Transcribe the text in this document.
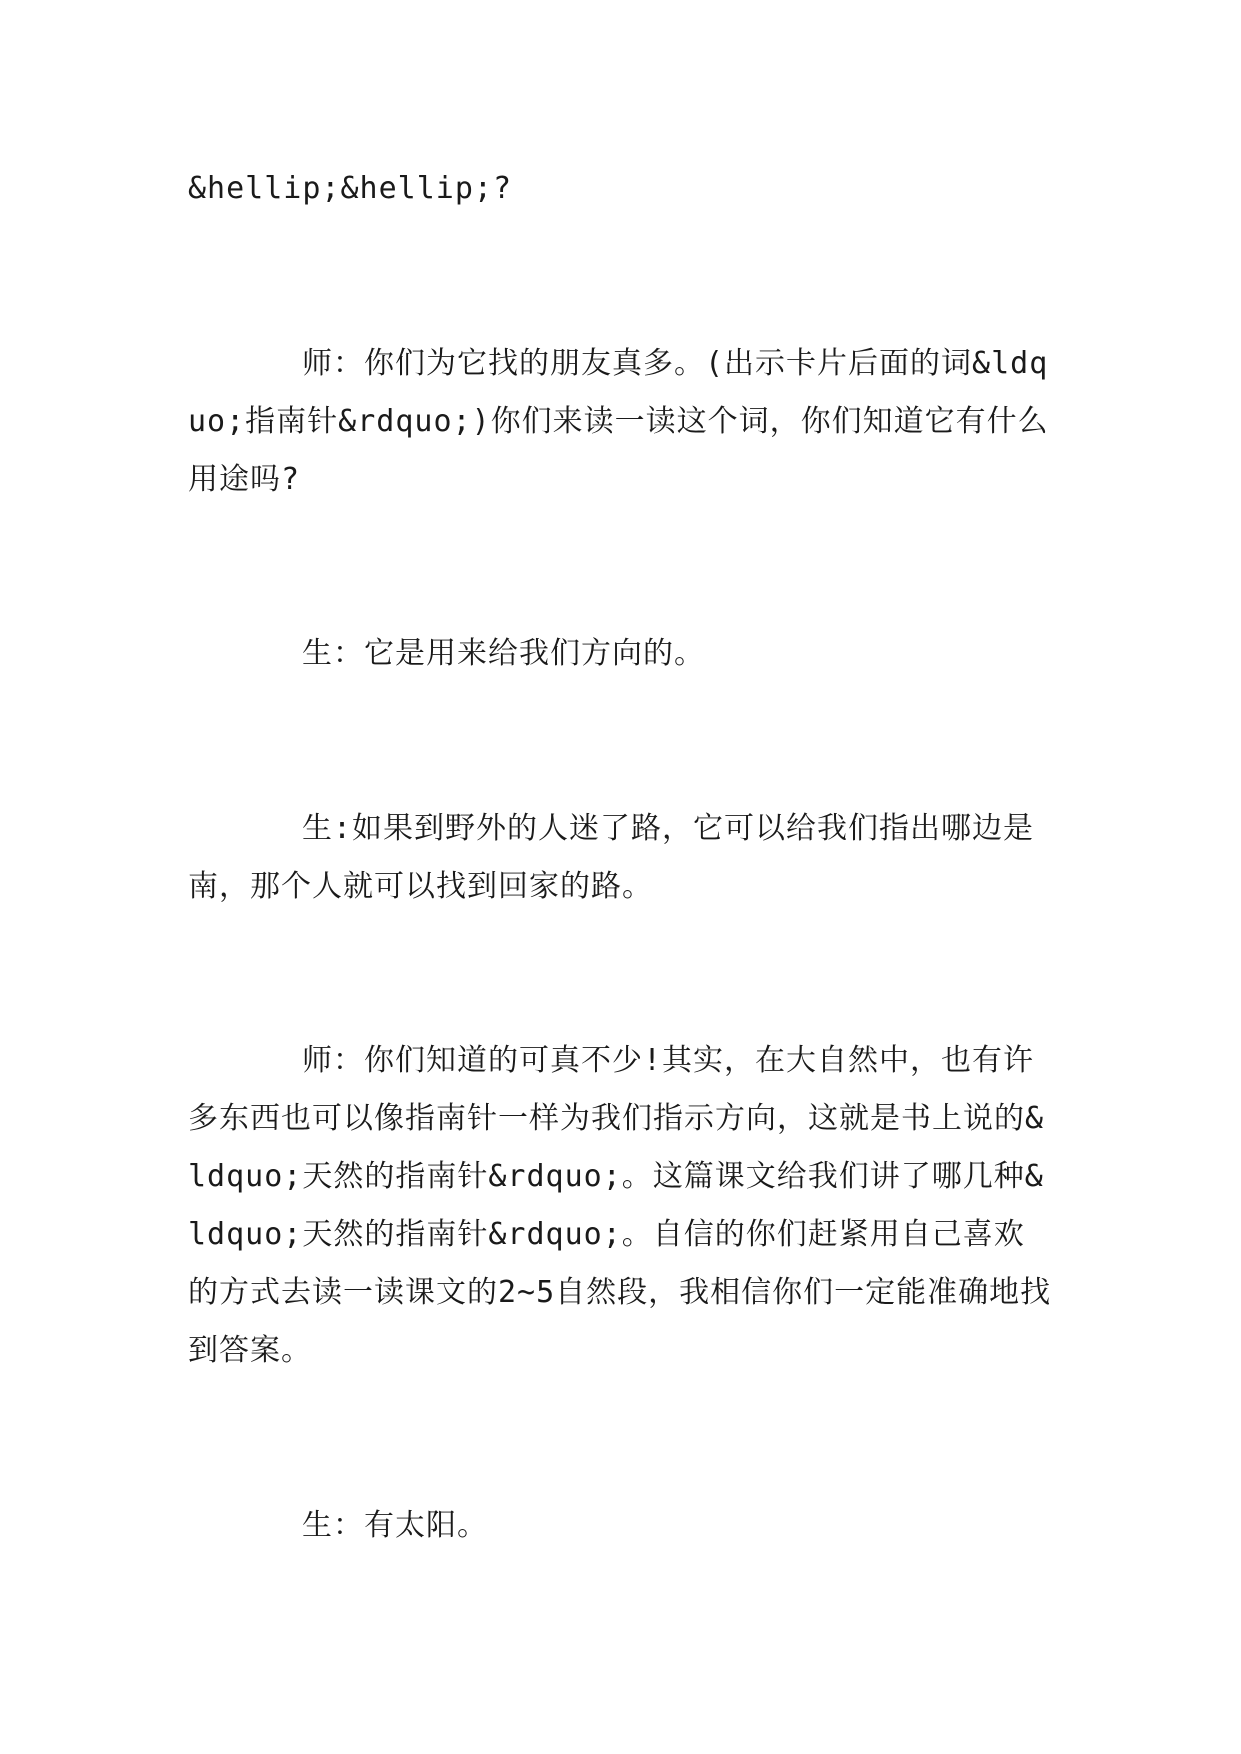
&hellip;&hellip;?

师：你们为它找的朋友真多。(出示卡片后面的词&ldquo;指南针&rdquo;)你们来读一读这个词，你们知道它有什么用途吗?

生：它是用来给我们方向的。

生:如果到野外的人迷了路，它可以给我们指出哪边是南，那个人就可以找到回家的路。

师：你们知道的可真不少!其实，在大自然中，也有许多东西也可以像指南针一样为我们指示方向，这就是书上说的&ldquo;天然的指南针&rdquo;。这篇课文给我们讲了哪几种&ldquo;天然的指南针&rdquo;。自信的你们赶紧用自己喜欢的方式去读一读课文的2~5自然段，我相信你们一定能准确地找到答案。

生：有太阳。
